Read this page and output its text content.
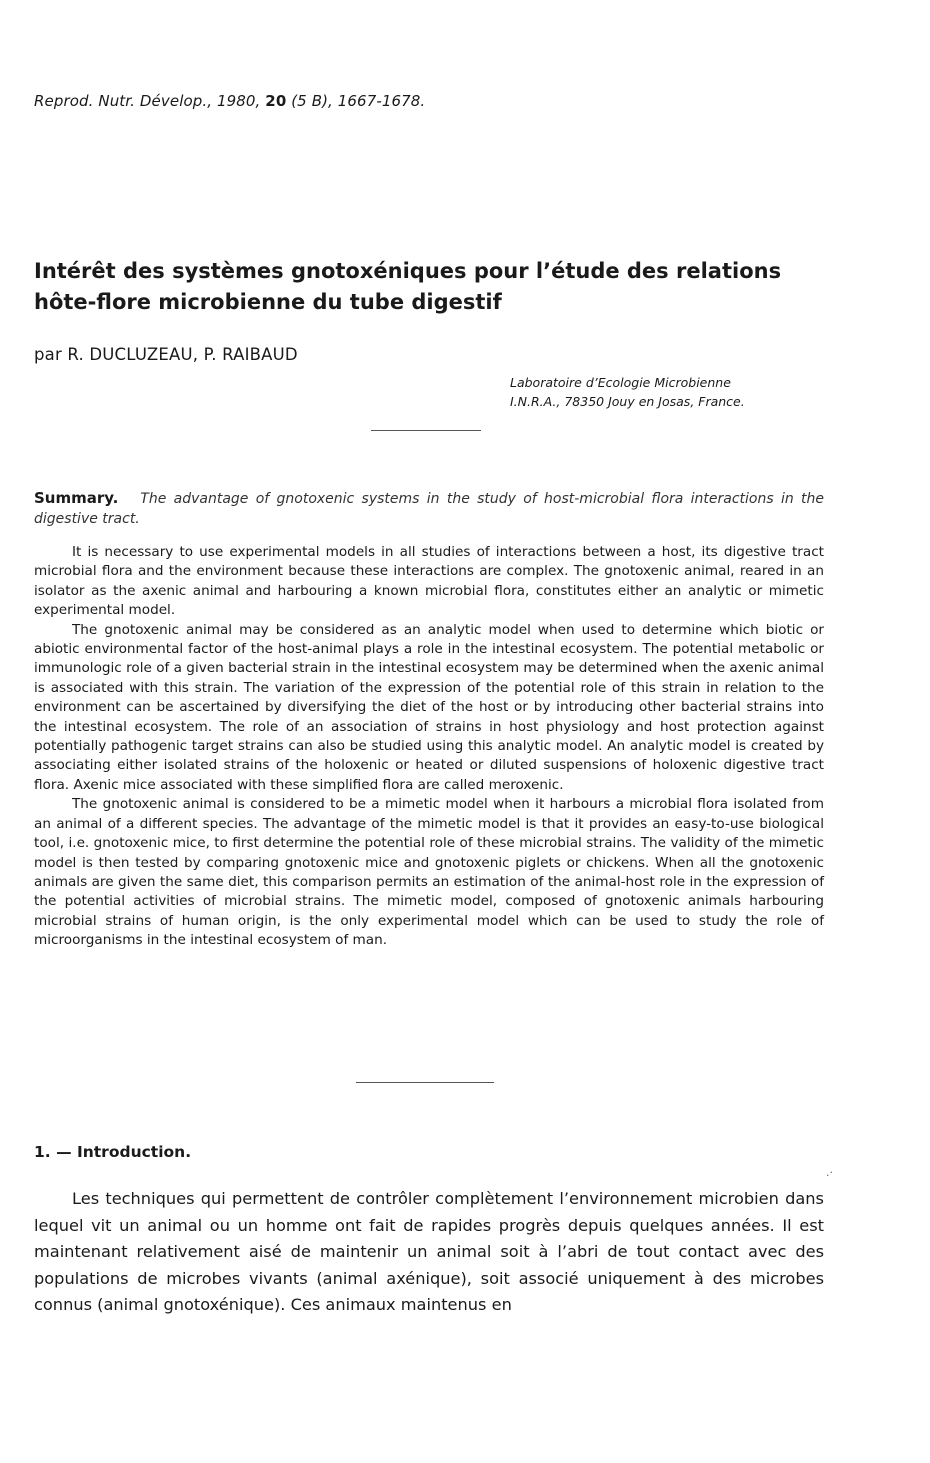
Reprod. Nutr. Dévelop., 1980, 20 (5 B), 1667-1678.
Intérêt des systèmes gnotoxéniques pour l’étude des relations hôte-flore microbienne du tube digestif
par R. DUCLUZEAU, P. RAIBAUD
Laboratoire d’Ecologie Microbienne
I.N.R.A., 78350 Jouy en Josas, France.
Summary. The advantage of gnotoxenic systems in the study of host-microbial flora interactions in the digestive tract.

It is necessary to use experimental models in all studies of interactions between a host, its digestive tract microbial flora and the environment because these interactions are complex. The gnotoxenic animal, reared in an isolator as the axenic animal and harbouring a known microbial flora, constitutes either an analytic or mimetic experimental model.

The gnotoxenic animal may be considered as an analytic model when used to determine which biotic or abiotic environmental factor of the host-animal plays a role in the intestinal ecosystem. The potential metabolic or immunologic role of a given bacterial strain in the intestinal ecosystem may be determined when the axenic animal is associated with this strain. The variation of the expression of the potential role of this strain in relation to the environment can be ascertained by diversifying the diet of the host or by introducing other bacterial strains into the intestinal ecosystem. The role of an association of strains in host physiology and host protection against potentially pathogenic target strains can also be studied using this analytic model. An analytic model is created by associating either isolated strains of the holoxenic or heated or diluted suspensions of holoxenic digestive tract flora. Axenic mice associated with these simplified flora are called meroxenic.

The gnotoxenic animal is considered to be a mimetic model when it harbours a microbial flora isolated from an animal of a different species. The advantage of the mimetic model is that it provides an easy-to-use biological tool, i.e. gnotoxenic mice, to first determine the potential role of these microbial strains. The validity of the mimetic model is then tested by comparing gnotoxenic mice and gnotoxenic piglets or chickens. When all the gnotoxenic animals are given the same diet, this comparison permits an estimation of the animal-host role in the expression of the potential activities of microbial strains. The mimetic model, composed of gnotoxenic animals harbouring microbial strains of human origin, is the only experimental model which can be used to study the role of microorganisms in the intestinal ecosystem of man.

1. — Introduction.
.·

Les techniques qui permettent de contrôler complètement l’environnement microbien dans lequel vit un animal ou un homme ont fait de rapides progrès depuis quelques années. Il est maintenant relativement aisé de maintenir un animal soit à l’abri de tout contact avec des populations de microbes vivants (animal axénique), soit associé uniquement à des microbes connus (animal gnotoxénique). Ces animaux maintenus en
